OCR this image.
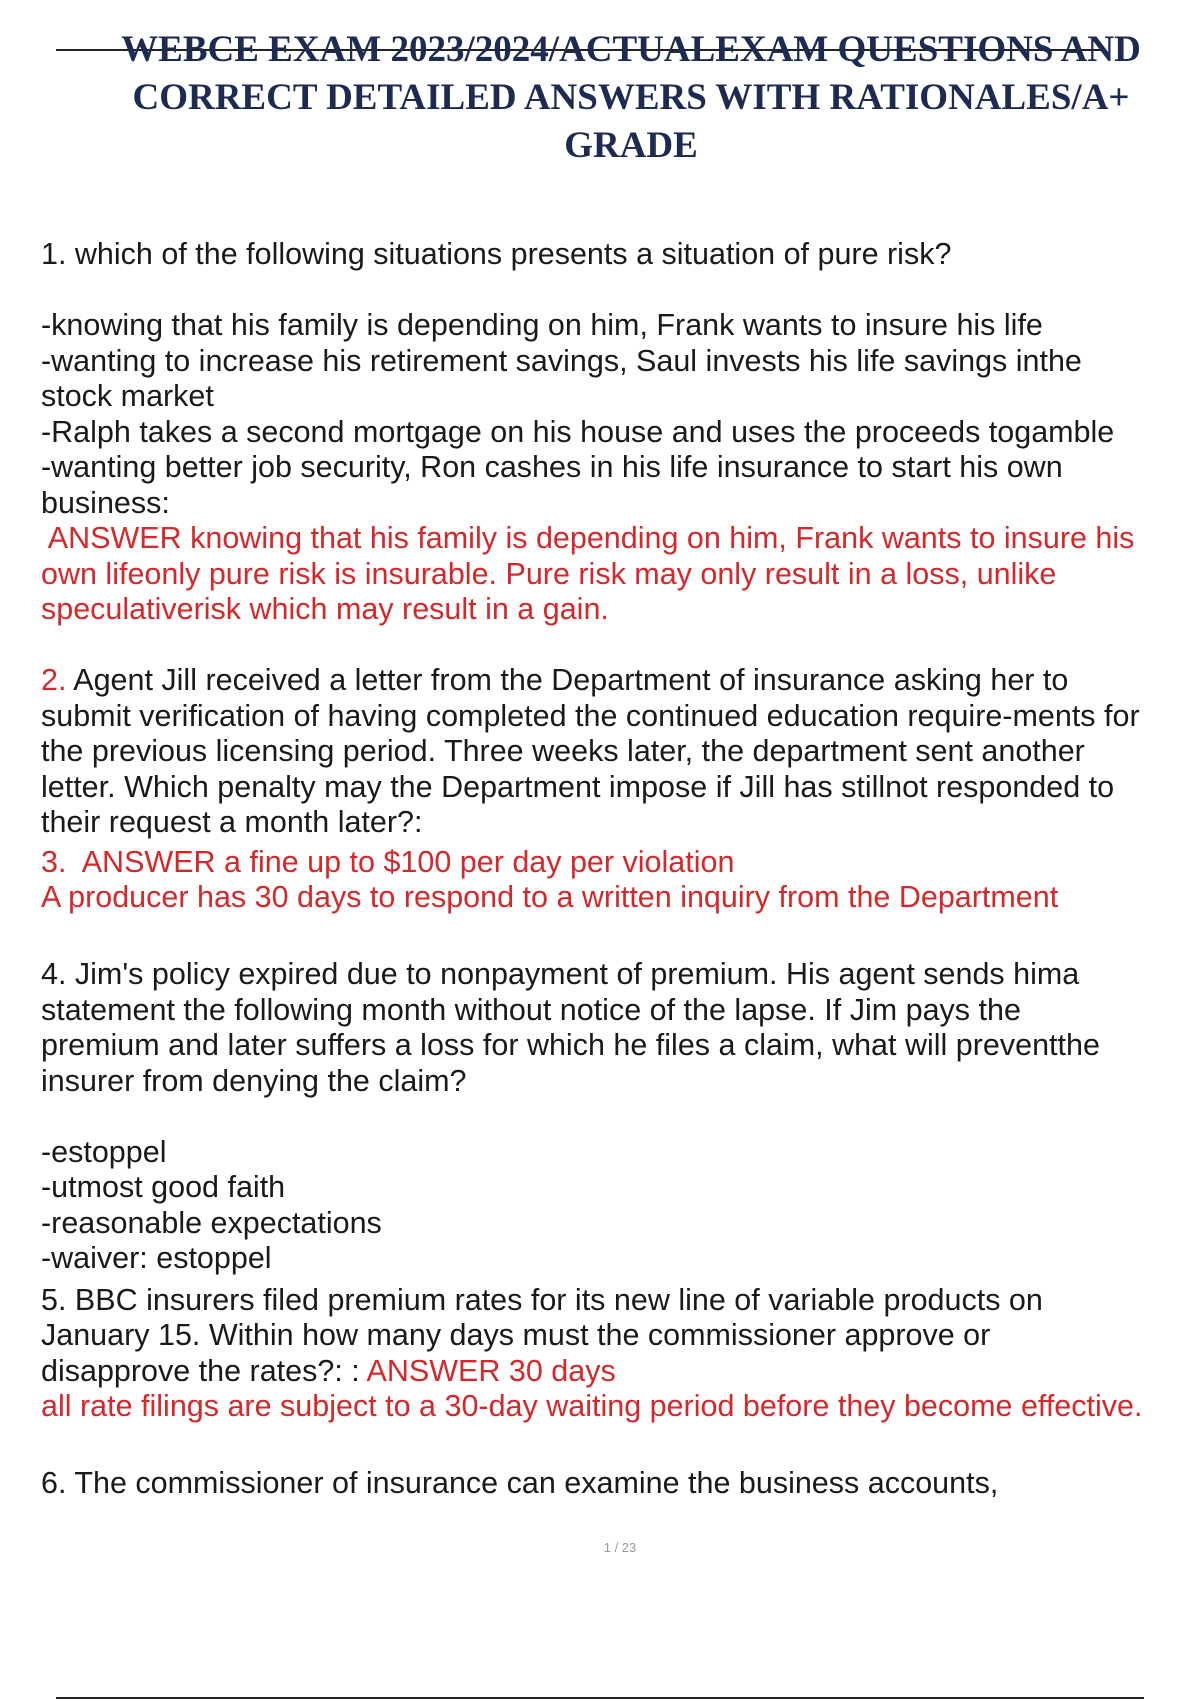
WEBCE EXAM 2023/2024/ACTUALEXAM QUESTIONS AND
CORRECT DETAILED ANSWERS WITH RATIONALES/A+
GRADE
1. which of the following situations presents a situation of pure risk?
-knowing that his family is depending on him, Frank wants to insure his life
-wanting to increase his retirement savings, Saul invests his life savings inthe
stock market
-Ralph takes a second mortgage on his house and uses the proceeds togamble
-wanting better job security, Ron cashes in his life insurance to start his own
business:
ANSWER knowing that his family is depending on him, Frank wants to insure his
own lifeonly pure risk is insurable. Pure risk may only result in a loss, unlike
speculativerisk which may result in a gain.
2. Agent Jill received a letter from the Department of insurance asking her to
submit verification of having completed the continued education require-ments for
the previous licensing period. Three weeks later, the department sent another
letter. Which penalty may the Department impose if Jill has stillnot responded to
their request a month later?:
3.  ANSWER a fine up to $100 per day per violation
A producer has 30 days to respond to a written inquiry from the Department
4. Jim's policy expired due to nonpayment of premium. His agent sends hima
statement the following month without notice of the lapse. If Jim pays the
premium and later suffers a loss for which he files a claim, what will preventthe
insurer from denying the claim?
-estoppel
-utmost good faith
-reasonable expectations
-waiver: estoppel
5. BBC insurers filed premium rates for its new line of variable products on
January 15. Within how many days must the commissioner approve or
disapprove the rates?: : ANSWER 30 days
all rate filings are subject to a 30-day waiting period before they become effective.
6. The commissioner of insurance can examine the business accounts,
1 / 23
